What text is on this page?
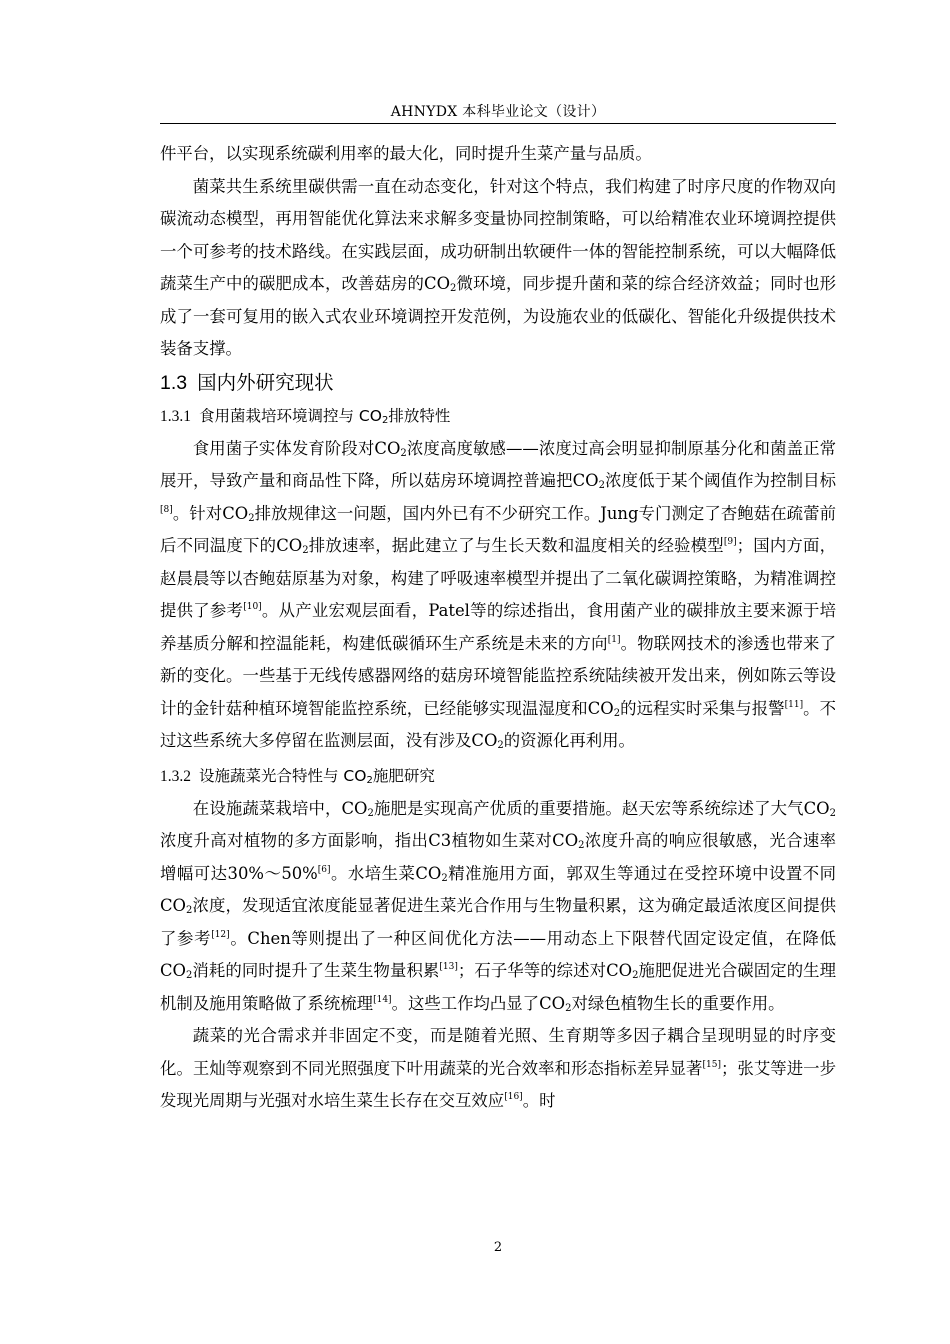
AHNYDX 本科毕业论文（设计）

件平台，以实现系统碳利用率的最大化，同时提升生菜产量与品质。

菌菜共生系统里碳供需一直在动态变化，针对这个特点，我们构建了时序尺度的作物双向碳流动态模型，再用智能优化算法来求解多变量协同控制策略，可以给精准农业环境调控提供一个可参考的技术路线。在实践层面，成功研制出软硬件一体的智能控制系统，可以大幅降低蔬菜生产中的碳肥成本，改善菇房的$CO_2$微环境，同步提升菌和菜的综合经济效益；同时也形成了一套可复用的嵌入式农业环境调控开发范例，为设施农业的低碳化、智能化升级提供技术装备支撑。

1.3 国内外研究现状
1.3.1 食用菌栽培环境调控与 $CO_2$排放特性

食用菌子实体发育阶段对$CO_2$浓度高度敏感——浓度过高会明显抑制原基分化和菌盖正常展开，导致产量和商品性下降，所以菇房环境调控普遍把$CO_2$浓度低于某个阈值作为控制目标[8]。针对$CO_2$排放规律这一问题，国内外已有不少研究工作。Jung专门测定了杏鲍菇在疏蕾前后不同温度下的$CO_2$排放速率，据此建立了与生长天数和温度相关的经验模型[9]；国内方面，赵晨晨等以杏鲍菇原基为对象，构建了呼吸速率模型并提出了二氧化碳调控策略，为精准调控提供了参考[10]。从产业宏观层面看，Patel等的综述指出，食用菌产业的碳排放主要来源于培养基质分解和控温能耗，构建低碳循环生产系统是未来的方向[1]。物联网技术的渗透也带来了新的变化。一些基于无线传感器网络的菇房环境智能监控系统陆续被开发出来，例如陈云等设计的金针菇种植环境智能监控系统，已经能够实现温湿度和$CO_2$的远程实时采集与报警[11]。不过这些系统大多停留在监测层面，没有涉及$CO_2$的资源化再利用。

1.3.2 设施蔬菜光合特性与 $CO_2$施肥研究

在设施蔬菜栽培中，$CO_2$施肥是实现高产优质的重要措施。赵天宏等系统综述了大气$CO_2$浓度升高对植物的多方面影响，指出C3植物如生菜对$CO_2$浓度升高的响应很敏感，光合速率增幅可达30%～50%[6]。水培生菜$CO_2$精准施用方面，郭双生等通过在受控环境中设置不同$CO_2$浓度，发现适宜浓度能显著促进生菜光合作用与生物量积累，这为确定最适浓度区间提供了参考[12]。Chen等则提出了一种区间优化方法——用动态上下限替代固定设定值，在降低$CO_2$消耗的同时提升了生菜生物量积累[13]；石子华等的综述对$CO_2$施肥促进光合碳固定的生理机制及施用策略做了系统梳理[14]。这些工作均凸显了$CO_2$对绿色植物生长的重要作用。

蔬菜的光合需求并非固定不变，而是随着光照、生育期等多因子耦合呈现明显的时序变化。王灿等观察到不同光照强度下叶用蔬菜的光合效率和形态指标差异显著[15]；张艾等进一步发现光周期与光强对水培生菜生长存在交互效应[16]。时

2
